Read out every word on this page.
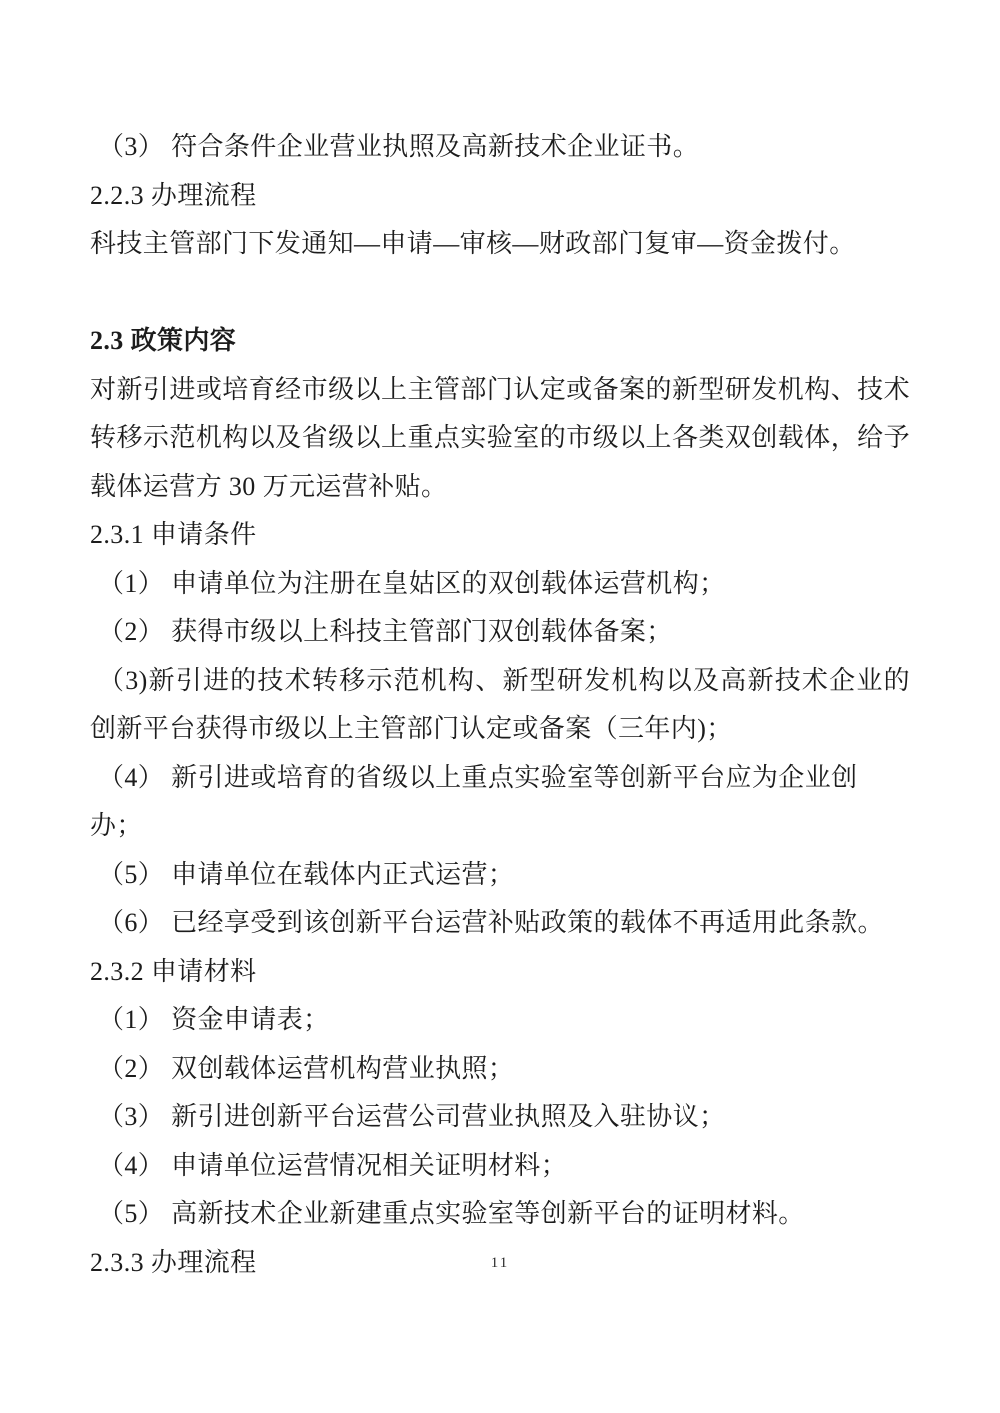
（3） 符合条件企业营业执照及高新技术企业证书。

2.2.3 办理流程

科技主管部门下发通知—申请—审核—财政部门复审—资金拨付。

2.3 政策内容

对新引进或培育经市级以上主管部门认定或备案的新型研发机构、技术转移示范机构以及省级以上重点实验室的市级以上各类双创载体，给予载体运营方 30 万元运营补贴。

2.3.1 申请条件

（1） 申请单位为注册在皇姑区的双创载体运营机构；

（2） 获得市级以上科技主管部门双创载体备案；

（3)新引进的技术转移示范机构、新型研发机构以及高新技术企业的创新平台获得市级以上主管部门认定或备案（三年内)；

（4） 新引进或培育的省级以上重点实验室等创新平台应为企业创办；

（5） 申请单位在载体内正式运营；

（6） 已经享受到该创新平台运营补贴政策的载体不再适用此条款。

2.3.2 申请材料

（1） 资金申请表；

（2） 双创载体运营机构营业执照；

（3） 新引进创新平台运营公司营业执照及入驻协议；

（4） 申请单位运营情况相关证明材料；

（5） 高新技术企业新建重点实验室等创新平台的证明材料。

2.3.3 办理流程	11
